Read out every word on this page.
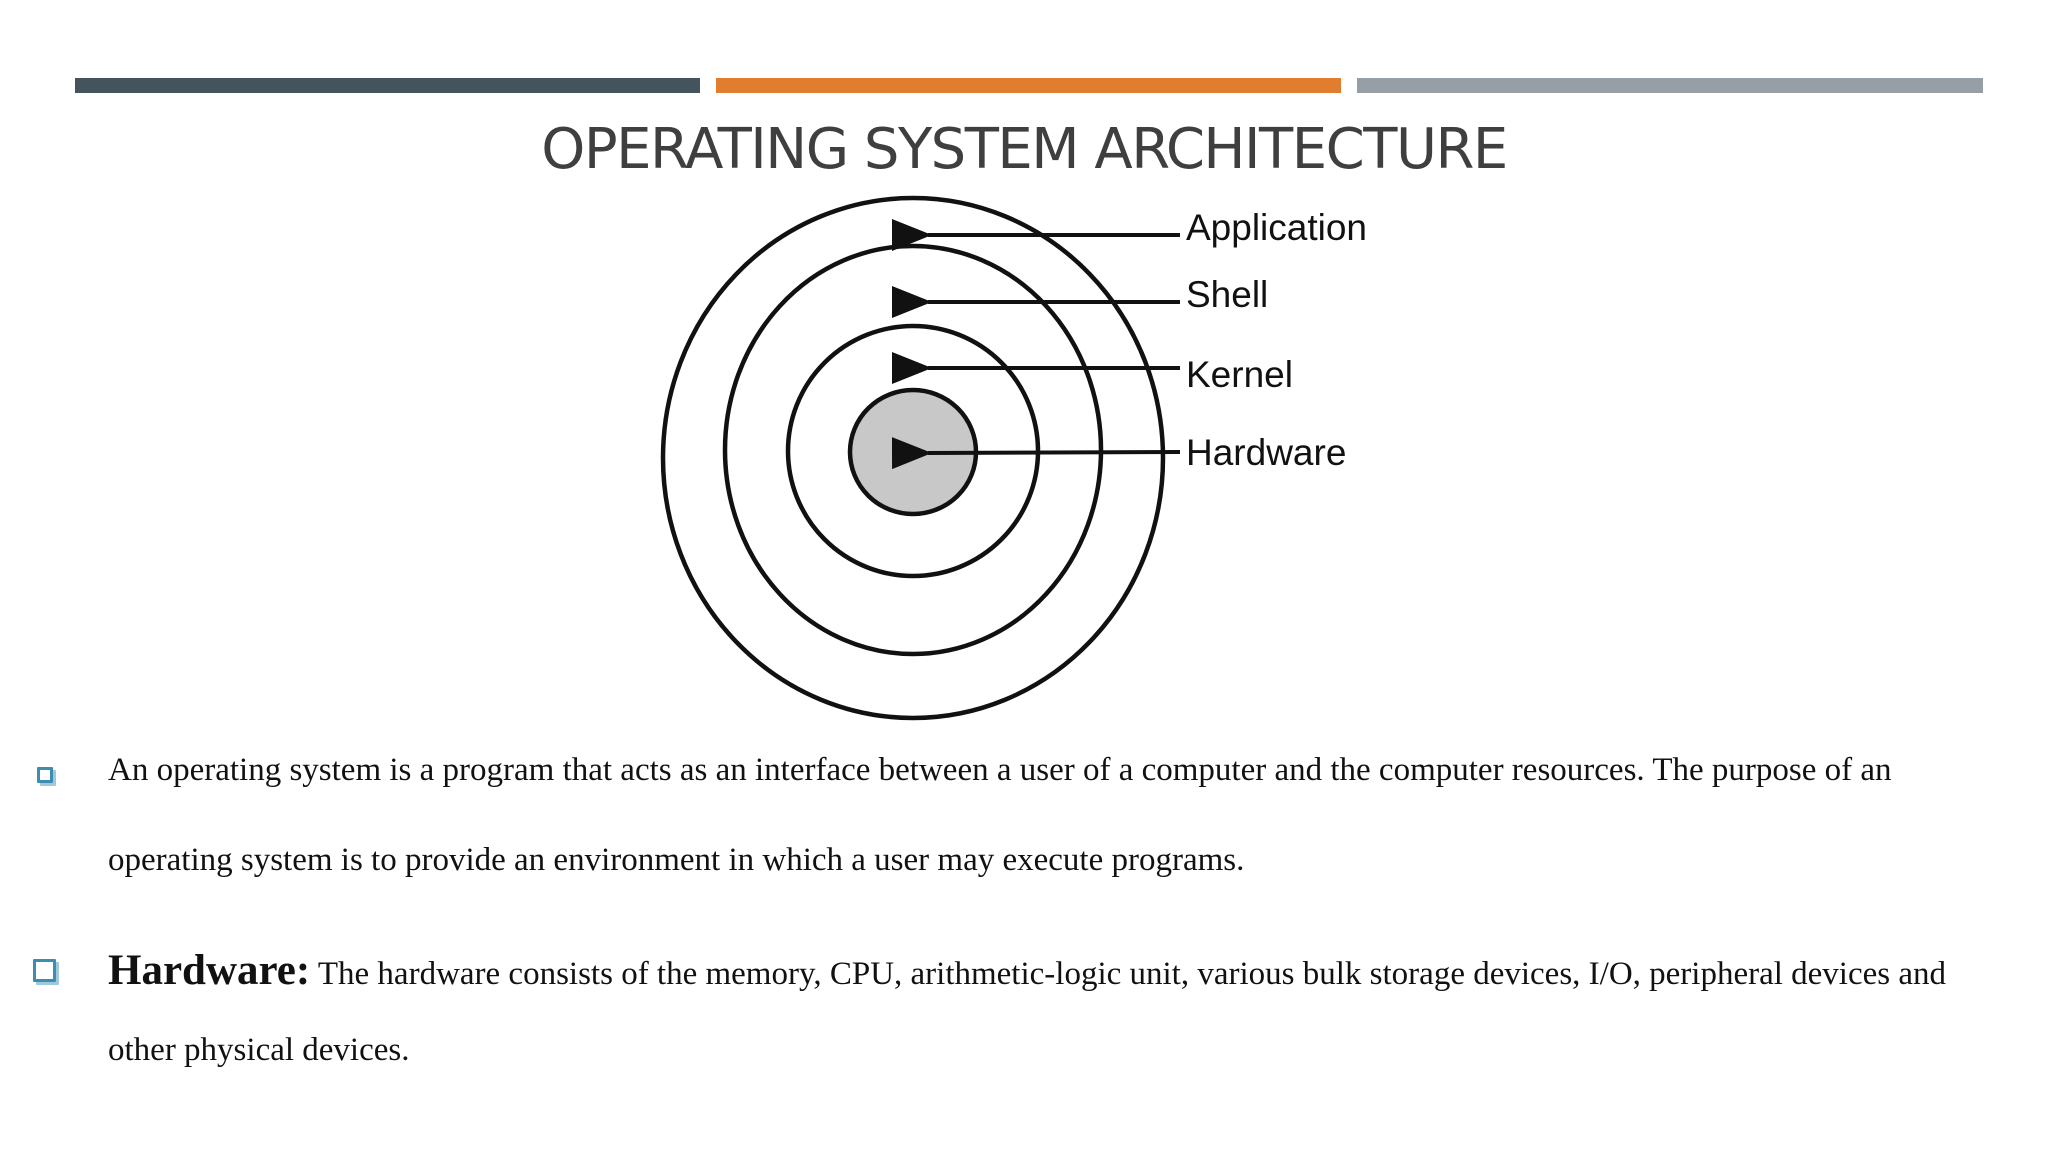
OPERATING SYSTEM ARCHITECTURE
Application
Shell
Kernel
Hardware
An operating system is a program that acts as an interface between a user of a computer and the computer resources. The purpose of an
operating system is to provide an environment in which a user may execute programs.
Hardware: The hardware consists of the memory, CPU, arithmetic-logic unit, various bulk storage devices, I/O, peripheral devices and
other physical devices.
